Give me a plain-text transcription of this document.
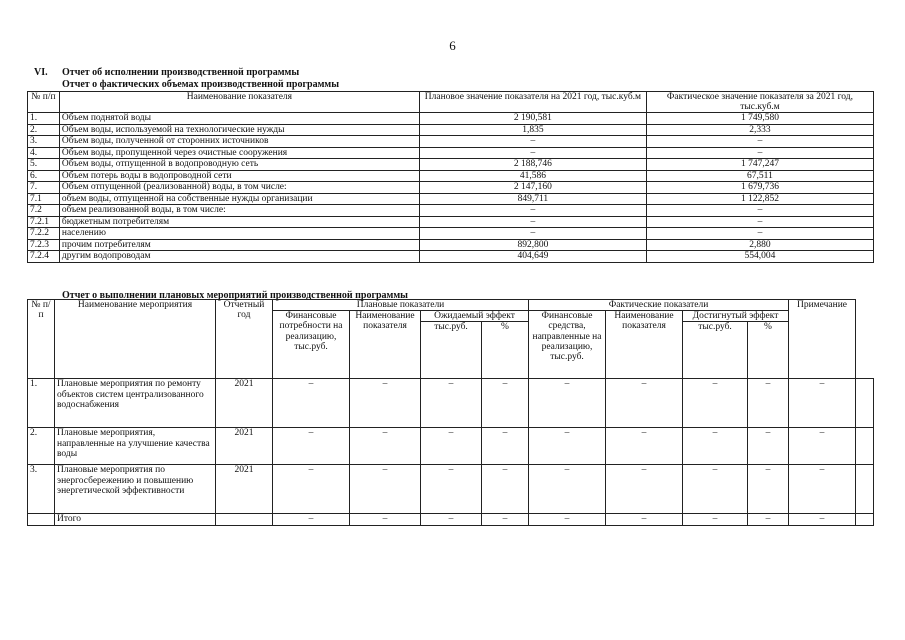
6
VI. Отчет об исполнении производственной программы
Отчет о фактических объемах производственной программы
№ п/п	Наименование показателя	Плановое значение показателя на 2021 год, тыс.куб.м	Фактическое значение показателя за 2021 год, тыс.куб.м
1.	Объем поднятой воды	2 190,581	1 749,580
2.	Объем воды, используемой на технологические нужды	1,835	2,333
3.	Объем воды, полученной от сторонних источников	–	–
4.	Объем воды, пропущенной через очистные сооружения	–	–
5.	Объем воды, отпущенной в водопроводную сеть	2 188,746	1 747,247
6.	Объем потерь воды в водопроводной сети	41,586	67,511
7.	Объем отпущенной (реализованной) воды, в том числе:	2 147,160	1 679,736
7.1	объем воды, отпущенной на собственные нужды организации	849,711	1 122,852
7.2	объем реализованной воды, в том числе:	–	–
7.2.1	бюджетным потребителям	–	–
7.2.2	населению	–	–
7.2.3	прочим потребителям	892,800	2,880
7.2.4	другим водопроводам	404,649	554,004
Отчет о выполнении плановых мероприятий производственной программы
№ п/п	Наименование мероприятия	Отчетный год	Плановые показатели				Фактические показатели				Примечание	
			Финансовые потребности на реализацию, тыс.руб.	Наименование показателя	Ожидаемый эффект		Финансовые средства, направленные на реализацию, тыс.руб.	Наименование показателя	Достигнутый эффект			
					тыс.руб.	%			тыс.руб.	%		
1.	Плановые мероприятия по ремонту объектов систем централизованного водоснабжения	2021	–	–	–	–	–	–	–	–	–	
2.	Плановые мероприятия, направленные на улучшение качества воды	2021	–	–	–	–	–	–	–	–	–	
3.	Плановые мероприятия по энергосбережению и повышению энергетической эффективности	2021	–	–	–	–	–	–	–	–	–	
	Итого		–	–	–	–	–	–	–	–	–	
